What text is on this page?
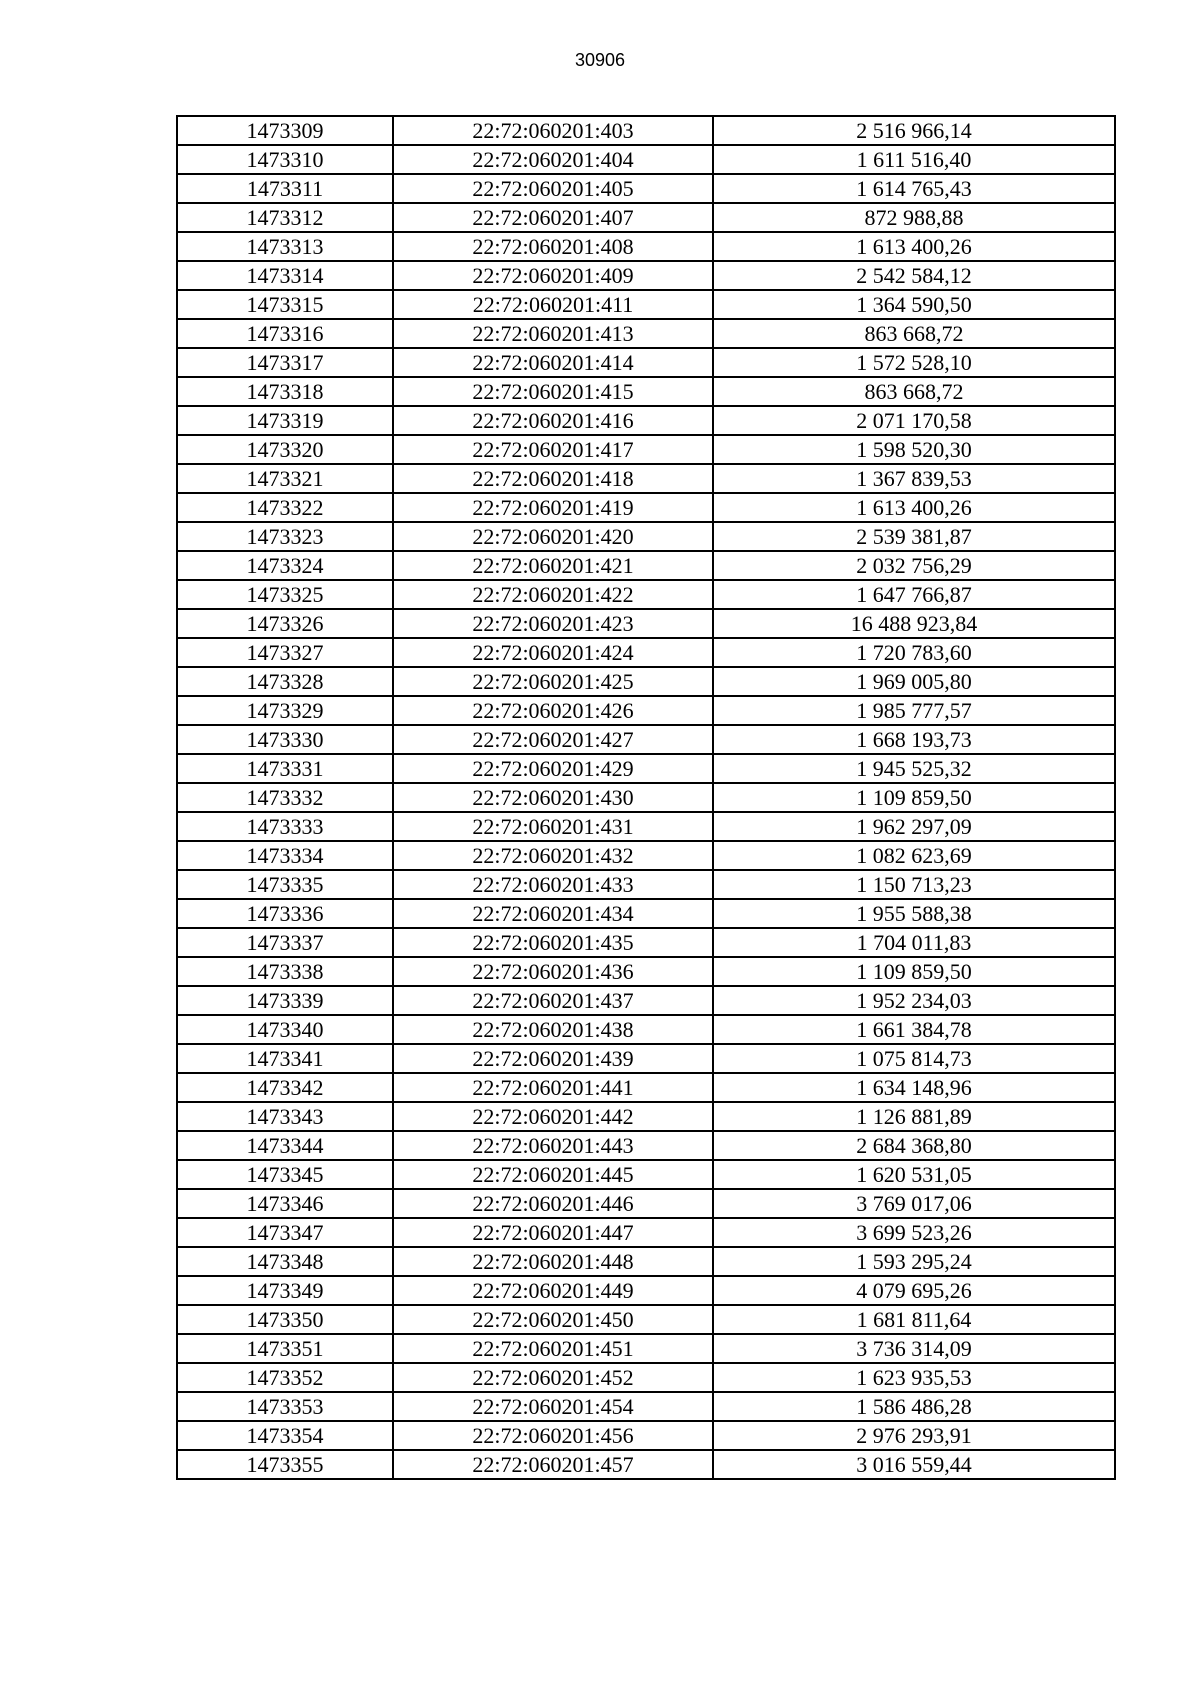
30906
1473309	22:72:060201:403	2 516 966,14
1473310	22:72:060201:404	1 611 516,40
1473311	22:72:060201:405	1 614 765,43
1473312	22:72:060201:407	872 988,88
1473313	22:72:060201:408	1 613 400,26
1473314	22:72:060201:409	2 542 584,12
1473315	22:72:060201:411	1 364 590,50
1473316	22:72:060201:413	863 668,72
1473317	22:72:060201:414	1 572 528,10
1473318	22:72:060201:415	863 668,72
1473319	22:72:060201:416	2 071 170,58
1473320	22:72:060201:417	1 598 520,30
1473321	22:72:060201:418	1 367 839,53
1473322	22:72:060201:419	1 613 400,26
1473323	22:72:060201:420	2 539 381,87
1473324	22:72:060201:421	2 032 756,29
1473325	22:72:060201:422	1 647 766,87
1473326	22:72:060201:423	16 488 923,84
1473327	22:72:060201:424	1 720 783,60
1473328	22:72:060201:425	1 969 005,80
1473329	22:72:060201:426	1 985 777,57
1473330	22:72:060201:427	1 668 193,73
1473331	22:72:060201:429	1 945 525,32
1473332	22:72:060201:430	1 109 859,50
1473333	22:72:060201:431	1 962 297,09
1473334	22:72:060201:432	1 082 623,69
1473335	22:72:060201:433	1 150 713,23
1473336	22:72:060201:434	1 955 588,38
1473337	22:72:060201:435	1 704 011,83
1473338	22:72:060201:436	1 109 859,50
1473339	22:72:060201:437	1 952 234,03
1473340	22:72:060201:438	1 661 384,78
1473341	22:72:060201:439	1 075 814,73
1473342	22:72:060201:441	1 634 148,96
1473343	22:72:060201:442	1 126 881,89
1473344	22:72:060201:443	2 684 368,80
1473345	22:72:060201:445	1 620 531,05
1473346	22:72:060201:446	3 769 017,06
1473347	22:72:060201:447	3 699 523,26
1473348	22:72:060201:448	1 593 295,24
1473349	22:72:060201:449	4 079 695,26
1473350	22:72:060201:450	1 681 811,64
1473351	22:72:060201:451	3 736 314,09
1473352	22:72:060201:452	1 623 935,53
1473353	22:72:060201:454	1 586 486,28
1473354	22:72:060201:456	2 976 293,91
1473355	22:72:060201:457	3 016 559,44
